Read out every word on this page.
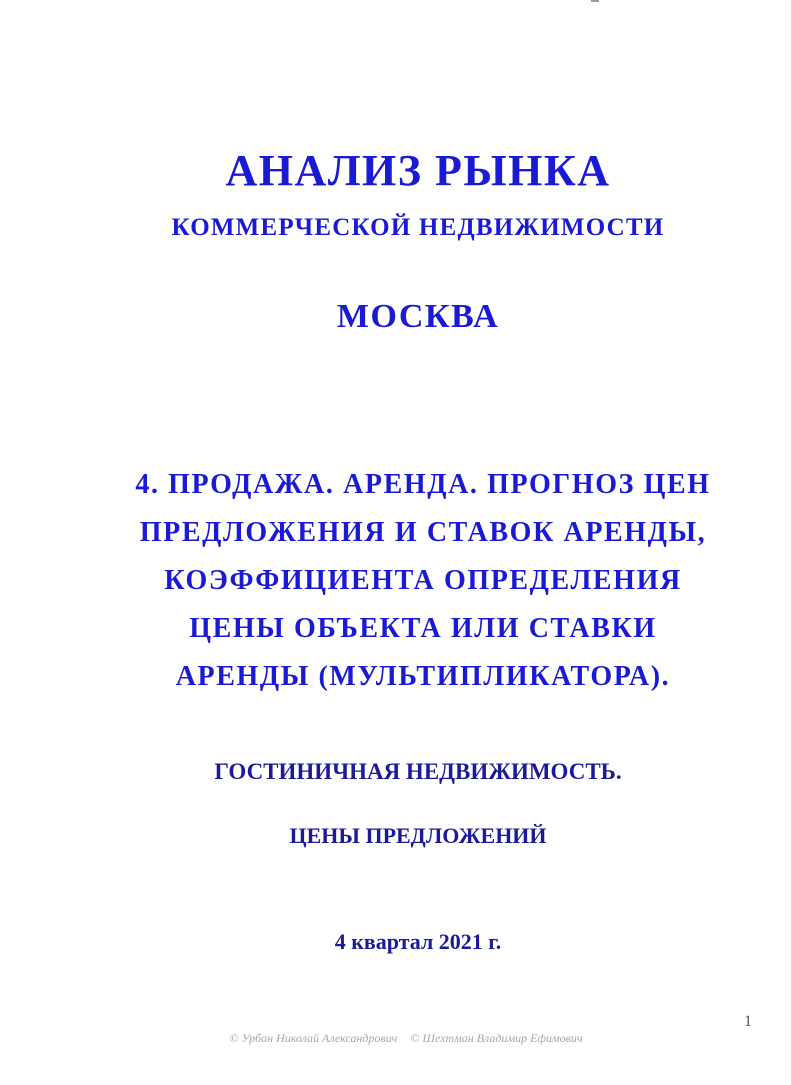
АНАЛИЗ РЫНКА
КОММЕРЧЕСКОЙ НЕДВИЖИМОСТИ
МОСКВА
4. ПРОДАЖА. АРЕНДА. ПРОГНОЗ ЦЕН
ПРЕДЛОЖЕНИЯ И СТАВОК АРЕНДЫ,
КОЭФФИЦИЕНТА ОПРЕДЕЛЕНИЯ
ЦЕНЫ ОБЪЕКТА ИЛИ СТАВКИ
АРЕНДЫ (МУЛЬТИПЛИКАТОРА).
ГОСТИНИЧНАЯ НЕДВИЖИМОСТЬ.
ЦЕНЫ ПРЕДЛОЖЕНИЙ
4 квартал 2021 г.
1
© Урбан Николай Александрович © Шехтман Владимир Ефимович
